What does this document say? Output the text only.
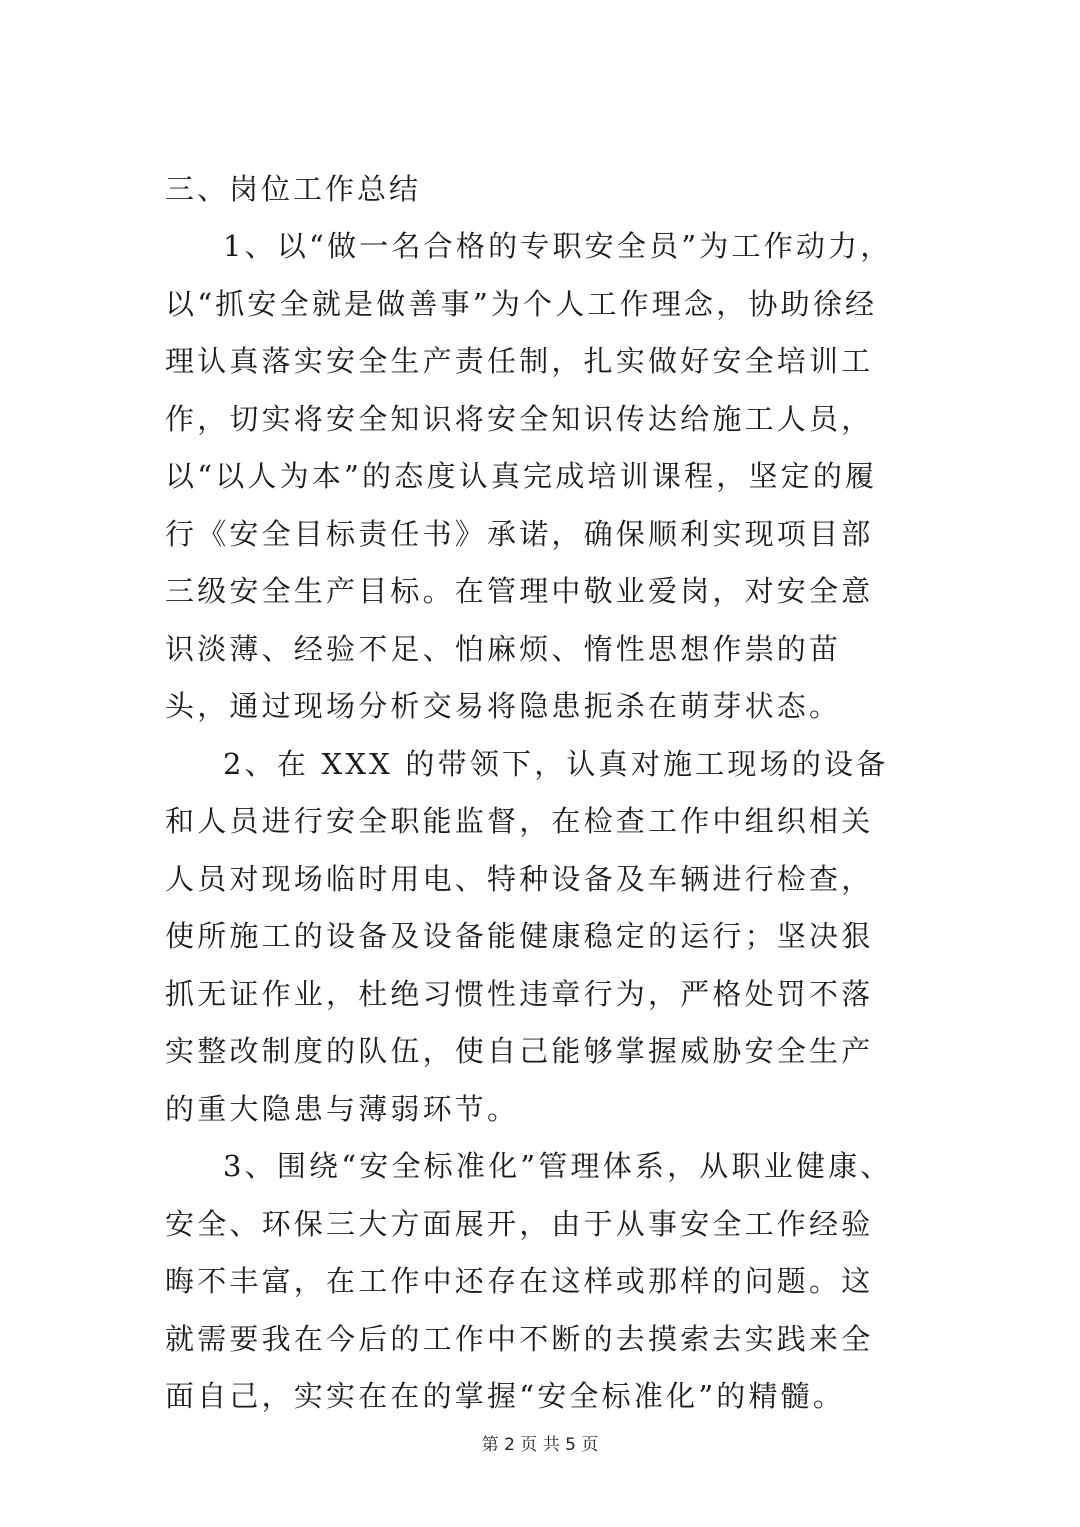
三、岗位工作总结

1、以“做一名合格的专职安全员”为工作动力，以“抓安全就是做善事”为个人工作理念，协助徐经理认真落实安全生产责任制，扎实做好安全培训工作，切实将安全知识将安全知识传达给施工人员，以“以人为本”的态度认真完成培训课程，坚定的履行《安全目标责任书》承诺，确保顺利实现项目部三级安全生产目标。在管理中敬业爱岗，对安全意识淡薄、经验不足、怕麻烦、惰性思想作祟的苗头，通过现场分析交易将隐患扼杀在萌芽状态。

2、在 XXX 的带领下，认真对施工现场的设备和人员进行安全职能监督，在检查工作中组织相关人员对现场临时用电、特种设备及车辆进行检查，使所施工的设备及设备能健康稳定的运行；坚决狠抓无证作业，杜绝习惯性违章行为，严格处罚不落实整改制度的队伍，使自己能够掌握威胁安全生产的重大隐患与薄弱环节。

3、围绕“安全标准化”管理体系，从职业健康、安全、环保三大方面展开，由于从事安全工作经验晦不丰富，在工作中还存在这样或那样的问题。这就需要我在今后的工作中不断的去摸索去实践来全面自己，实实在在的掌握“安全标准化”的精髓。

第 2 页 共 5 页
